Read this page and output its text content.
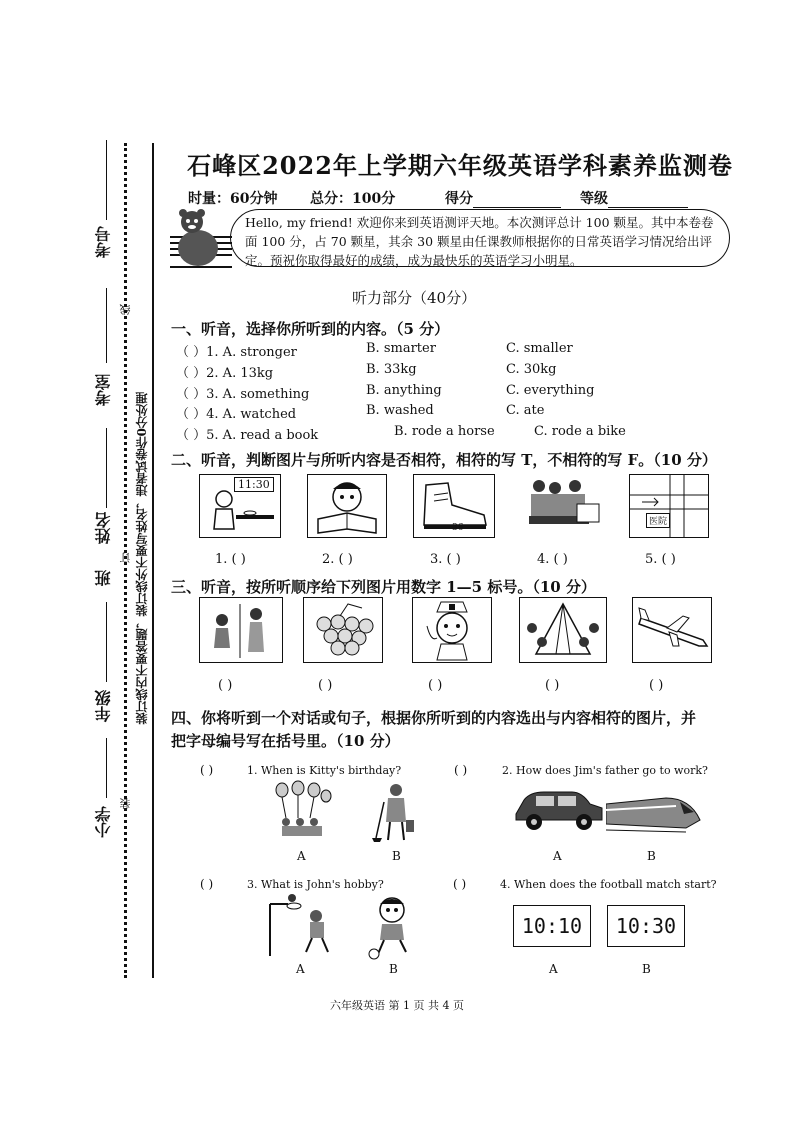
考号
考室
姓名
班
年级
小学
线
订
装
装订线内不要答题，装订线外不要写姓名，违者试卷作0分处理
石峰区2022年上学期六年级英语学科素养监测卷
时量：60分钟 总分：100分	得分	等级
Hello, my friend! 欢迎你来到英语测评天地。本次测评总计 100 颗星。其中本卷卷面 100 分，占 70 颗星，其余 30 颗星由任课教师根据你的日常英语学习情况给出评定。预祝你取得最好的成绩，成为最快乐的英语学习小明星。
听力部分（40分）
一、听音，选择你所听到的内容。（5 分）
（ ）1. A. stronger	B. smarter	C. smaller
（ ）2. A. 13kg	B. 33kg	C. 30kg
（ ）3. A. something	B. anything	C. everything
（ ）4. A. watched	B. washed	C. ate
（ ）5. A. read a book	B. rode a horse	C. rode a bike
二、听音，判断图片与所听内容是否相符，相符的写 T，不相符的写 F。（10 分）
11:30
36
医院
1. ( )	2. ( )	3. ( )	4. ( )	5. ( )
三、听音，按所听顺序给下列图片用数字 1—5 标号。（10 分）
( )	( )	( )	( )	( )
四、你将听到一个对话或句子，根据你所听到的内容选出与内容相符的图片，并
把字母编号写在括号里。（10 分）
( )	1. When is Kitty's birthday?	( )	2. How does Jim's father go to work?
A	B	A	B
( )	3. What is John's hobby?	( )	4. When does the football match start?
A	B
10:10	10:30
A	B
六年级英语 第 1 页 共 4 页
